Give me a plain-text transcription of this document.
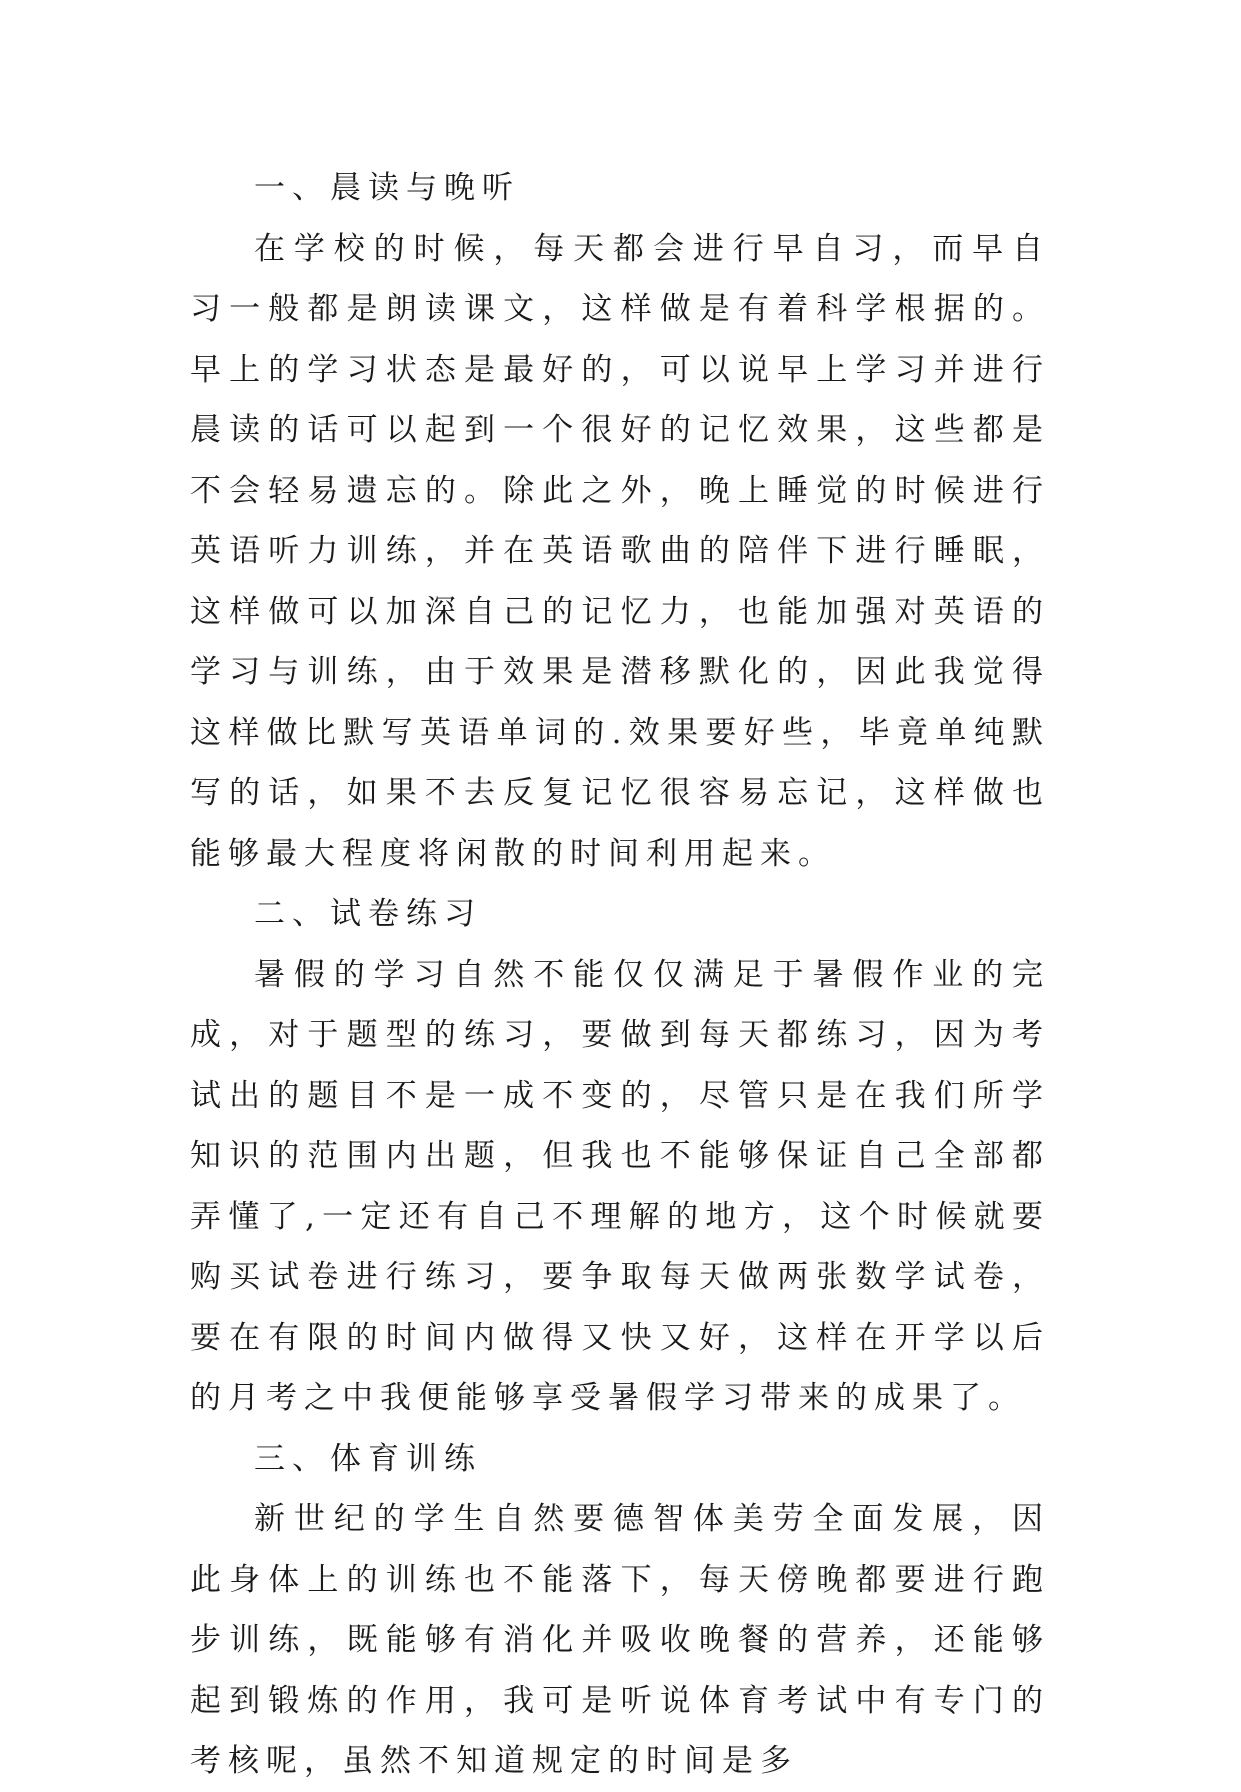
一、晨读与晚听

在学校的时候，每天都会进行早自习，而早自习一般都是朗读课文，这样做是有着科学根据的。早上的学习状态是最好的，可以说早上学习并进行晨读的话可以起到一个很好的记忆效果，这些都是不会轻易遗忘的。除此之外，晚上睡觉的时候进行英语听力训练，并在英语歌曲的陪伴下进行睡眠，这样做可以加深自己的记忆力，也能加强对英语的学习与训练，由于效果是潜移默化的，因此我觉得这样做比默写英语单词的.效果要好些，毕竟单纯默写的话，如果不去反复记忆很容易忘记，这样做也能够最大程度将闲散的时间利用起来。

二、试卷练习

暑假的学习自然不能仅仅满足于暑假作业的完成，对于题型的练习，要做到每天都练习，因为考试出的题目不是一成不变的，尽管只是在我们所学知识的范围内出题，但我也不能够保证自己全部都弄懂了,一定还有自己不理解的地方，这个时候就要购买试卷进行练习，要争取每天做两张数学试卷，要在有限的时间内做得又快又好，这样在开学以后的月考之中我便能够享受暑假学习带来的成果了。

三、体育训练

新世纪的学生自然要德智体美劳全面发展，因此身体上的训练也不能落下，每天傍晚都要进行跑步训练，既能够有消化并吸收晚餐的营养，还能够起到锻炼的作用，我可是听说体育考试中有专门的考核呢，虽然不知道规定的时间是多
